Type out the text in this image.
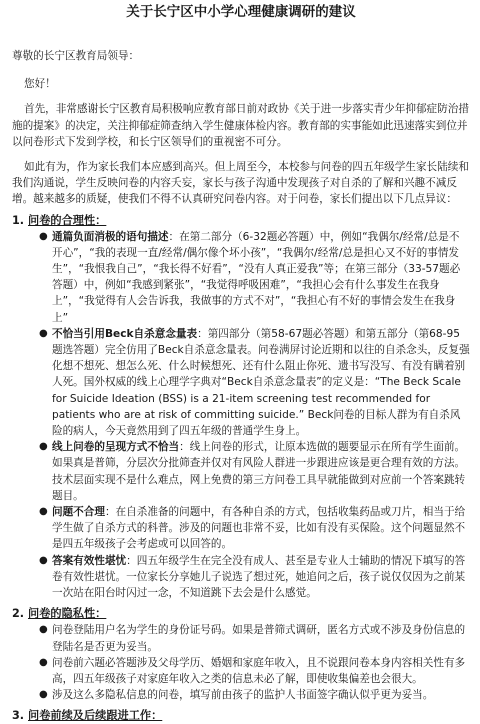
关于长宁区中小学心理健康调研的建议

尊敬的长宁区教育局领导：

您好！

首先，非常感谢长宁区教育局积极响应教育部日前对政协《关于进一步落实青少年抑郁症防治措施的提案》的决定，关注抑郁症筛查纳入学生健康体检内容。教育部的实事能如此迅速落实到位并以问卷形式下发到学校，和长宁区领导们的重视密不可分。

如此有为，作为家长我们本应感到高兴。但上周至今，本校参与问卷的四五年级学生家长陆续和我们沟通说，学生反映问卷的内容夭妄，家长与孩子沟通中发现孩子对自杀的了解和兴趣不减反增。越来越多的质疑，使我们不得不认真研究问卷内容。对于问卷，家长们提出以下几点异议：

1. 问卷的合理性：
● 通篇负面消极的语句描述：在第二部分（6-32题必答题）中，例如“我偶尔/经常/总是不开心”，“我的表现一直/经常/偶尔像个坏小孩”，“我偶尔/经常/总是担心又不好的事情发生”，“我恨我自己”，“我长得不好看”，“没有人真正爱我”等；在第三部分（33-57题必答题）中，例如“我感到紧张”，“我觉得呼吸困难”，“我担心会有什么事发生在我身上”，“我觉得有人会告诉我，我做事的方式不对”，“我担心有不好的事情会发生在我身上”
● 不恰当引用Beck自杀意念量表：第四部分（第58-67题必答题）和第五部分（第68-95题选答题）完全仿用了Beck自杀意念量表。问卷满屏讨论近期和以往的自杀念头，反复强化想不想死、想怎么死、什么时候想死、还有什么阻止你死、遗书写没写、有没有瞒着别人死。国外权威的线上心理学字典对“Beck自杀意念量表”的定义是：“The Beck Scale for Suicide Ideation (BSS) is a 21-item screening test recommended for patients who are at risk of committing suicide.” Beck问卷的目标人群为有自杀风险的病人，今天竟然用到了四五年级的普通学生身上。
● 线上问卷的呈现方式不恰当：线上问卷的形式，让原本选做的题要显示在所有学生面前。如果真是普筛，分层次分批筛查并仅对有风险人群进一步跟进应该是更合理有效的方法。技术层面实现不是什么难点，网上免费的第三方问卷工具早就能做到对应前一个答案跳转题目。
● 问题不合理：在自杀准备的问题中，有各种自杀的方式，包括收集药品或刀片，相当于给学生做了自杀方式的科普。涉及的问题也非常不妥，比如有没有买保险。这个问题显然不是四五年级孩子会考虑或可以回答的。
● 答案有效性堪忧：四五年级学生在完全没有成人、甚至是专业人士辅助的情况下填写的答卷有效性堪忧。一位家长分享她儿子说选了想过死，她追问之后，孩子说仅仅因为之前某一次站在阳台时闪过一念，不知道跳下去会是什么感觉。
2. 问卷的隐私性：
● 问卷登陆用户名为学生的身份证号码。如果是普筛式调研，匿名方式或不涉及身份信息的登陆名是否更为妥当。
● 问卷前六题必答题涉及父母学历、婚姻和家庭年收入，且不说跟问卷本身内容相关性有多高，四五年级孩子对家庭年收入之类的信息未必了解，即使收集偏差也会很大。
● 涉及这么多隐私信息的问卷，填写前由孩子的监护人书面签字确认似乎更为妥当。
3. 问卷前续及后续跟进工作：
